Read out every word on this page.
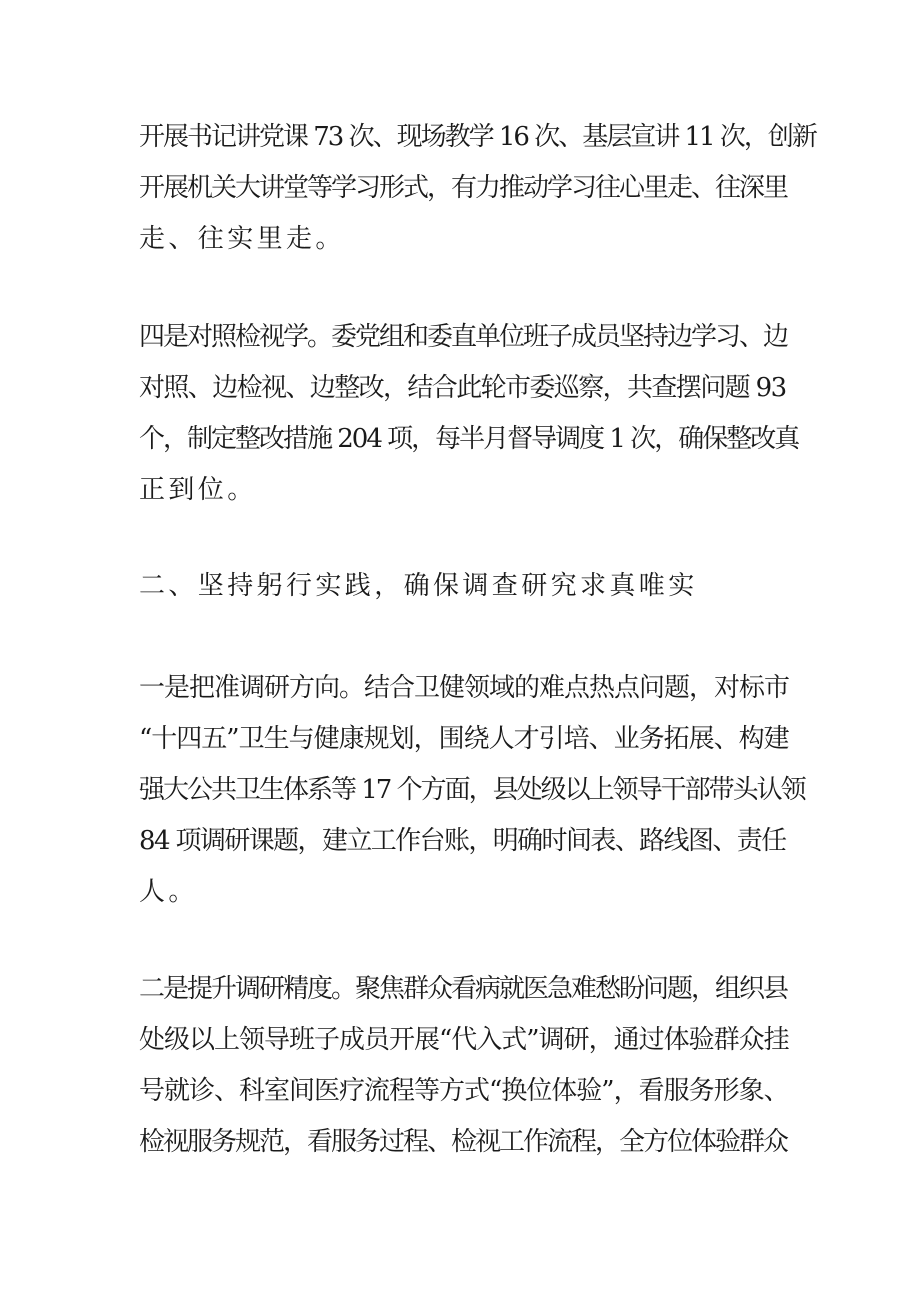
开展书记讲党课 73 次、现场教学 16 次、基层宣讲 11 次，创新
开展机关大讲堂等学习形式，有力推动学习往心里走、往深里
走、往实里走。
四是对照检视学。委党组和委直单位班子成员坚持边学习、边
对照、边检视、边整改，结合此轮市委巡察，共查摆问题 93
个，制定整改措施 204 项，每半月督导调度 1 次，确保整改真
正到位。
二、坚持躬行实践，确保调查研究求真唯实
一是把准调研方向。结合卫健领域的难点热点问题，对标市
“十四五”卫生与健康规划，围绕人才引培、业务拓展、构建
强大公共卫生体系等 17 个方面，县处级以上领导干部带头认领
84 项调研课题，建立工作台账，明确时间表、路线图、责任
人。
二是提升调研精度。聚焦群众看病就医急难愁盼问题，组织县
处级以上领导班子成员开展“代入式”调研，通过体验群众挂
号就诊、科室间医疗流程等方式“换位体验”，看服务形象、
检视服务规范，看服务过程、检视工作流程，全方位体验群众
